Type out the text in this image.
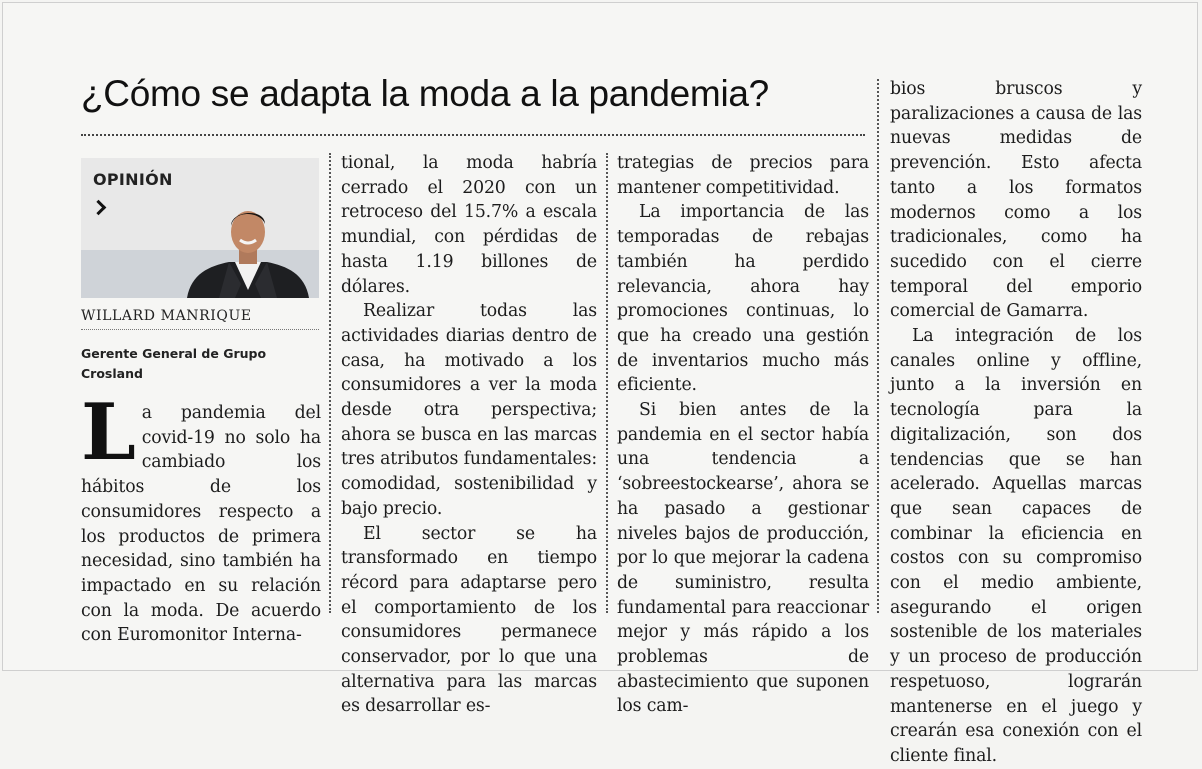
¿Cómo se adapta la moda a la pandemia?
OPINIÓN
WILLARD MANRIQUE
Gerente General de Grupo Crosland

La pandemia del covid-19 no solo ha cambiado los hábitos de los consumidores respecto a los productos de primera necesidad, sino también ha impactado en su relación con la moda. De acuerdo con Euromonitor Interna-

tional, la moda habría cerrado el 2020 con un retroceso del 15.7% a escala mundial, con pérdidas de hasta 1.19 billones de dólares.

Realizar todas las actividades diarias dentro de casa, ha motivado a los consumidores a ver la moda desde otra perspectiva; ahora se busca en las marcas tres atributos fundamentales: comodidad, sostenibilidad y bajo precio.

El sector se ha transformado en tiempo récord para adaptarse pero el comportamiento de los consumidores permanece conservador, por lo que una alternativa para las marcas es desarrollar es-

trategias de precios para mantener competitividad.

La importancia de las temporadas de rebajas también ha perdido relevancia, ahora hay promociones continuas, lo que ha creado una gestión de inventarios mucho más eficiente.

Si bien antes de la pandemia en el sector había una tendencia a ‘sobreestockearse’, ahora se ha pasado a gestionar niveles bajos de producción, por lo que mejorar la cadena de suministro, resulta fundamental para reaccionar mejor y más rápido a los problemas de abastecimiento que suponen los cam-

bios bruscos y paralizaciones a causa de las nuevas medidas de prevención. Esto afecta tanto a los formatos modernos como a los tradicionales, como ha sucedido con el cierre temporal del emporio comercial de Gamarra.

La integración de los canales online y offline, junto a la inversión en tecnología para la digitalización, son dos tendencias que se han acelerado. Aquellas marcas que sean capaces de combinar la eficiencia en costos con su compromiso con el medio ambiente, asegurando el origen sostenible de los materiales y un proceso de producción respetuoso, lograrán mantenerse en el juego y crearán esa conexión con el cliente final.
